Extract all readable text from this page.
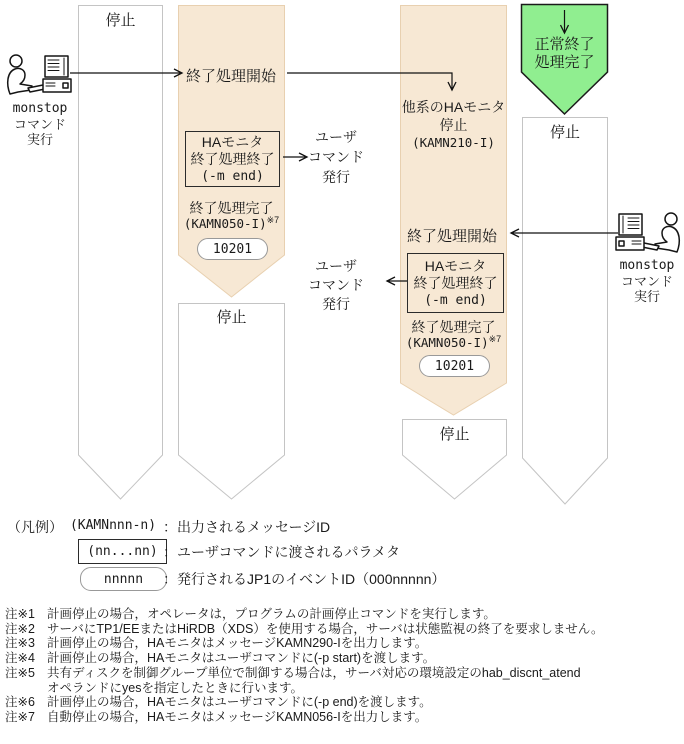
停止
monstop
コマンド
実行
終了処理開始
HAモニタ
終了処理終了
(-m end)
終了処理完了
(KAMN050-I)$^{※7}$
10201
停止
ユーザ
コマンド
発行
ユーザ
コマンド
発行
他系のHAモニタ
停止
(KAMN210-I)
終了処理開始
HAモニタ
終了処理終了
(-m end)
終了処理完了
(KAMN050-I)$^{※7}$
10201
停止
正常終了
処理完了
停止
monstop
コマンド
実行
（凡例） (KAMNnnn-n) ：出力されるメッセージID
(nn...nn) ：ユーザコマンドに渡されるパラメタ
nnnnn	：発行されるJP1のイベントID（000nnnnn）
注※1 計画停止の場合，オペレータは，プログラムの計画停止コマンドを実行します。
注※2 サーバにTP1/EEまたはHiRDB（XDS）を使用する場合，サーバは状態監視の終了を要求しません。
注※3 計画停止の場合，HAモニタはメッセージKAMN290-Iを出力します。
注※4 計画停止の場合，HAモニタはユーザコマンドに(-p start)を渡します。
注※5 共有ディスクを制御グループ単位で制御する場合は，サーバ対応の環境設定のhab_discnt_atend
オペランドにyesを指定したときに行います。
注※6 計画停止の場合，HAモニタはユーザコマンドに(-p end)を渡します。
注※7 自動停止の場合，HAモニタはメッセージKAMN056-Iを出力します。
